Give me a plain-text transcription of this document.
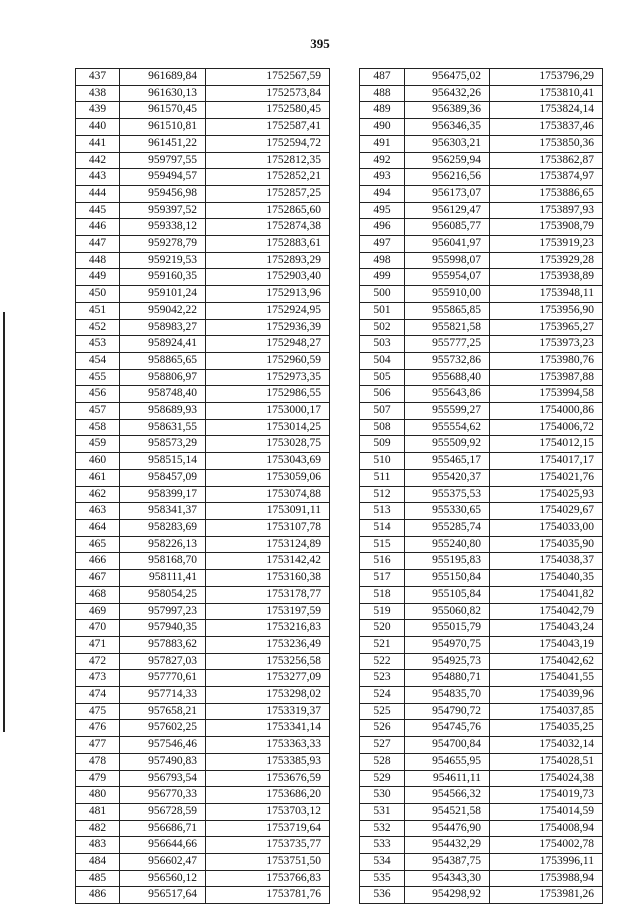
395
437	961689,84	1752567,59
438	961630,13	1752573,84
439	961570,45	1752580,45
440	961510,81	1752587,41
441	961451,22	1752594,72
442	959797,55	1752812,35
443	959494,57	1752852,21
444	959456,98	1752857,25
445	959397,52	1752865,60
446	959338,12	1752874,38
447	959278,79	1752883,61
448	959219,53	1752893,29
449	959160,35	1752903,40
450	959101,24	1752913,96
451	959042,22	1752924,95
452	958983,27	1752936,39
453	958924,41	1752948,27
454	958865,65	1752960,59
455	958806,97	1752973,35
456	958748,40	1752986,55
457	958689,93	1753000,17
458	958631,55	1753014,25
459	958573,29	1753028,75
460	958515,14	1753043,69
461	958457,09	1753059,06
462	958399,17	1753074,88
463	958341,37	1753091,11
464	958283,69	1753107,78
465	958226,13	1753124,89
466	958168,70	1753142,42
467	958111,41	1753160,38
468	958054,25	1753178,77
469	957997,23	1753197,59
470	957940,35	1753216,83
471	957883,62	1753236,49
472	957827,03	1753256,58
473	957770,61	1753277,09
474	957714,33	1753298,02
475	957658,21	1753319,37
476	957602,25	1753341,14
477	957546,46	1753363,33
478	957490,83	1753385,93
479	956793,54	1753676,59
480	956770,33	1753686,20
481	956728,59	1753703,12
482	956686,71	1753719,64
483	956644,66	1753735,77
484	956602,47	1753751,50
485	956560,12	1753766,83
486	956517,64	1753781,76
487	956475,02	1753796,29
488	956432,26	1753810,41
489	956389,36	1753824,14
490	956346,35	1753837,46
491	956303,21	1753850,36
492	956259,94	1753862,87
493	956216,56	1753874,97
494	956173,07	1753886,65
495	956129,47	1753897,93
496	956085,77	1753908,79
497	956041,97	1753919,23
498	955998,07	1753929,28
499	955954,07	1753938,89
500	955910,00	1753948,11
501	955865,85	1753956,90
502	955821,58	1753965,27
503	955777,25	1753973,23
504	955732,86	1753980,76
505	955688,40	1753987,88
506	955643,86	1753994,58
507	955599,27	1754000,86
508	955554,62	1754006,72
509	955509,92	1754012,15
510	955465,17	1754017,17
511	955420,37	1754021,76
512	955375,53	1754025,93
513	955330,65	1754029,67
514	955285,74	1754033,00
515	955240,80	1754035,90
516	955195,83	1754038,37
517	955150,84	1754040,35
518	955105,84	1754041,82
519	955060,82	1754042,79
520	955015,79	1754043,24
521	954970,75	1754043,19
522	954925,73	1754042,62
523	954880,71	1754041,55
524	954835,70	1754039,96
525	954790,72	1754037,85
526	954745,76	1754035,25
527	954700,84	1754032,14
528	954655,95	1754028,51
529	954611,11	1754024,38
530	954566,32	1754019,73
531	954521,58	1754014,59
532	954476,90	1754008,94
533	954432,29	1754002,78
534	954387,75	1753996,11
535	954343,30	1753988,94
536	954298,92	1753981,26
